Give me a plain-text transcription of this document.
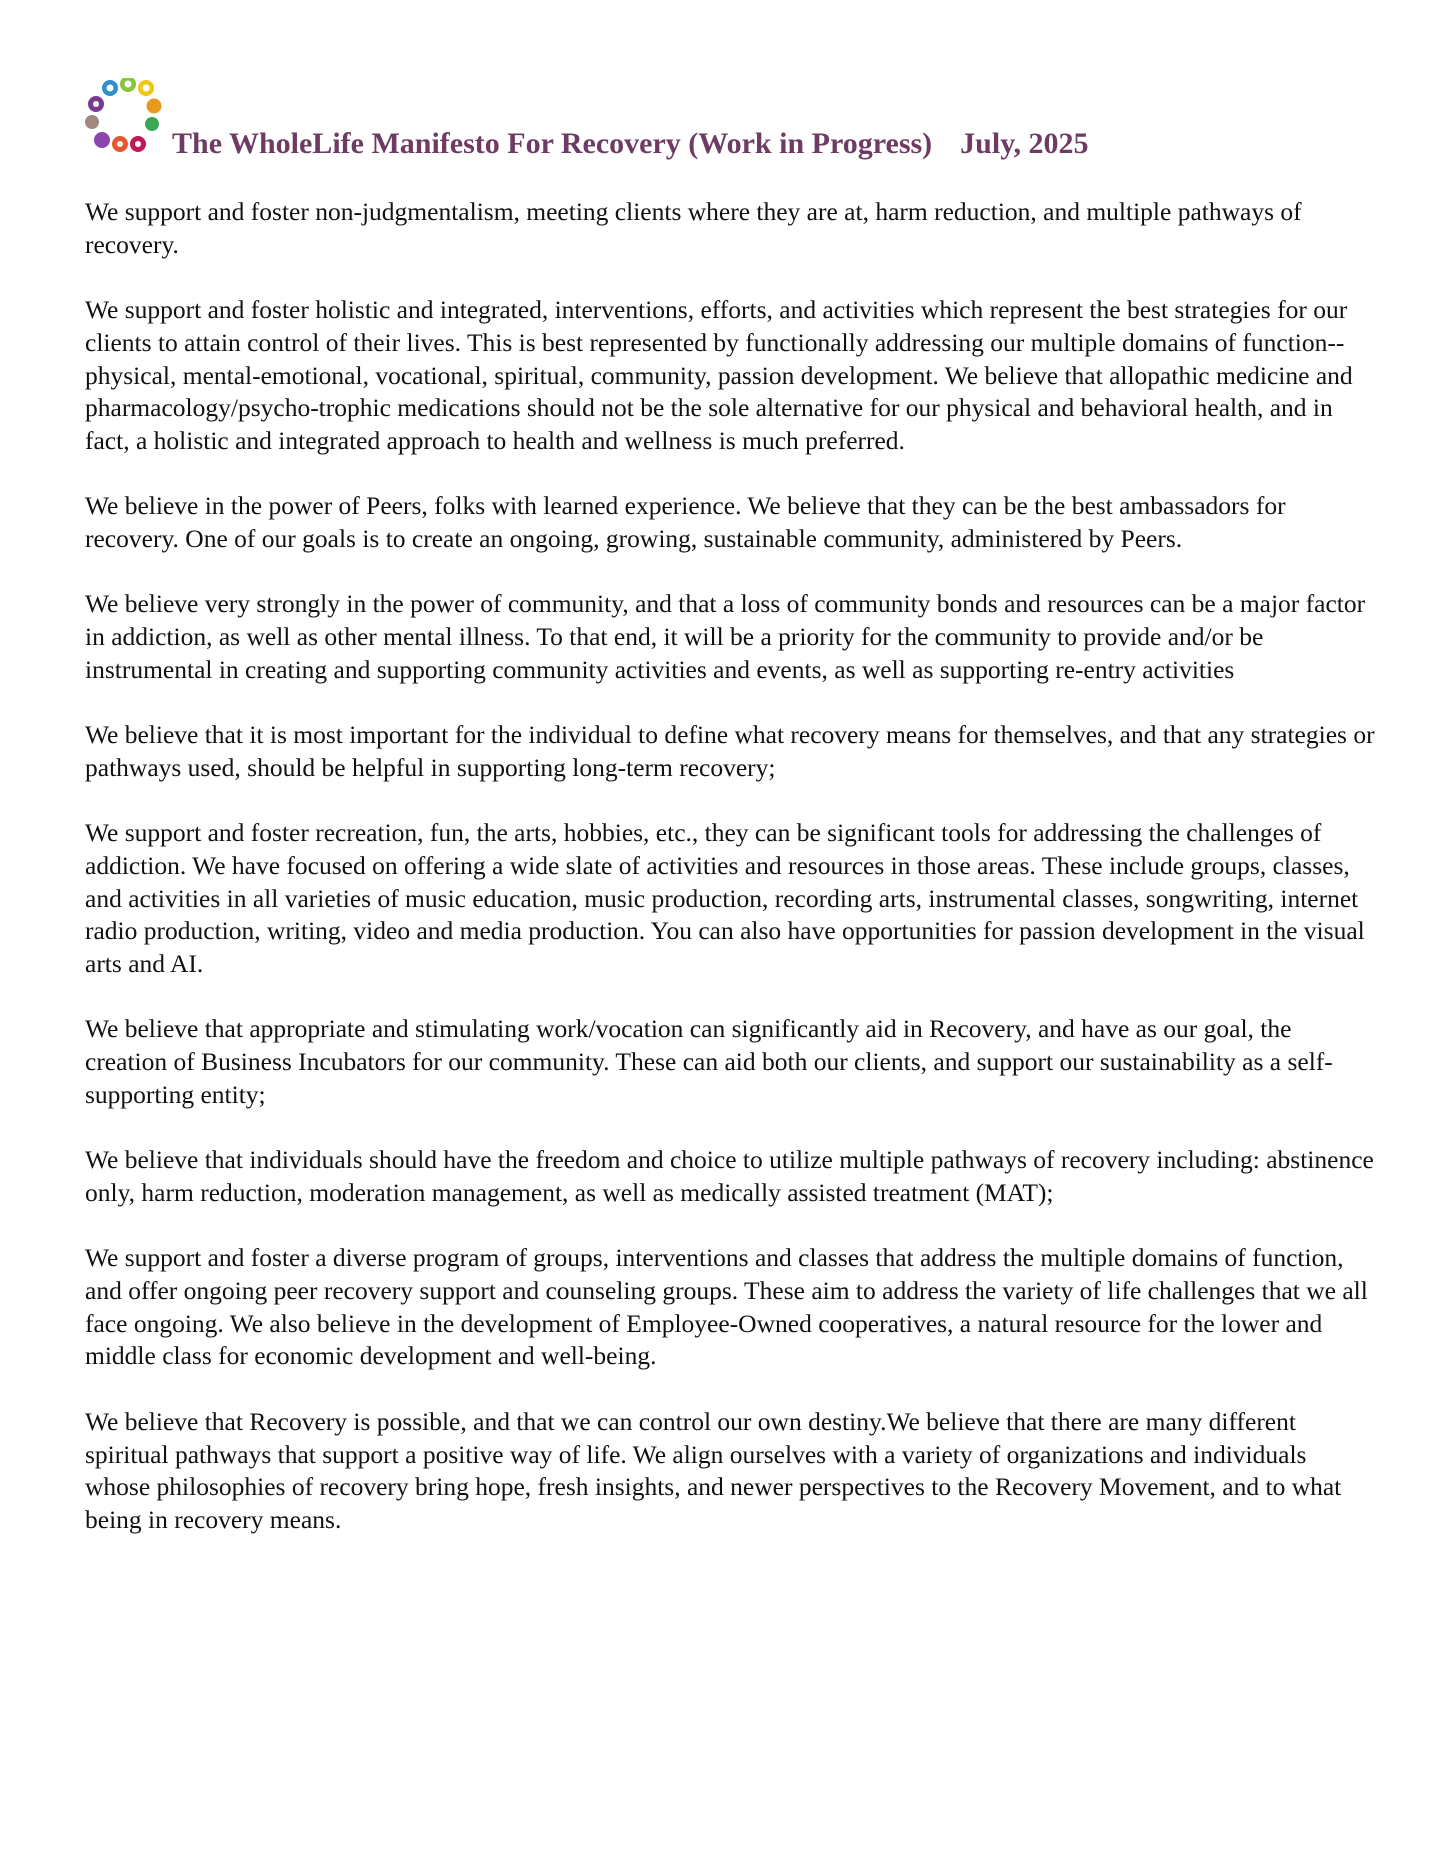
The WholeLife Manifesto For Recovery (Work in Progress) July, 2025

We support and foster non-judgmentalism, meeting clients where they are at, harm reduction, and multiple pathways of recovery.

We support and foster holistic and integrated, interventions, efforts, and activities which represent the best strategies for our clients to attain control of their lives. This is best represented by functionally addressing our multiple domains of function--physical, mental-emotional, vocational, spiritual, community, passion development. We believe that allopathic medicine and pharmacology/psycho-trophic medications should not be the sole alternative for our physical and behavioral health, and in fact, a holistic and integrated approach to health and wellness is much preferred.

We believe in the power of Peers, folks with learned experience. We believe that they can be the best ambassadors for recovery. One of our goals is to create an ongoing, growing, sustainable community, administered by Peers.

We believe very strongly in the power of community, and that a loss of community bonds and resources can be a major factor in addiction, as well as other mental illness. To that end, it will be a priority for the community to provide and/or be instrumental in creating and supporting community activities and events, as well as supporting re-entry activities

We believe that it is most important for the individual to define what recovery means for themselves, and that any strategies or pathways used, should be helpful in supporting long-term recovery;

We support and foster recreation, fun, the arts, hobbies, etc., they can be significant tools for addressing the challenges of addiction. We have focused on offering a wide slate of activities and resources in those areas. These include groups, classes, and activities in all varieties of music education, music production, recording arts, instrumental classes, songwriting, internet radio production, writing, video and media production. You can also have opportunities for passion development in the visual arts and AI.

We believe that appropriate and stimulating work/vocation can significantly aid in Recovery, and have as our goal, the creation of Business Incubators for our community. These can aid both our clients, and support our sustainability as a self-supporting entity;

We believe that individuals should have the freedom and choice to utilize multiple pathways of recovery including: abstinence only, harm reduction, moderation management, as well as medically assisted treatment (MAT);

We support and foster a diverse program of groups, interventions and classes that address the multiple domains of function, and offer ongoing peer recovery support and counseling groups. These aim to address the variety of life challenges that we all face ongoing. We also believe in the development of Employee-Owned cooperatives, a natural resource for the lower and middle class for economic development and well-being.

We believe that Recovery is possible, and that we can control our own destiny.We believe that there are many different spiritual pathways that support a positive way of life. We align ourselves with a variety of organizations and individuals whose philosophies of recovery bring hope, fresh insights, and newer perspectives to the Recovery Movement, and to what being in recovery means.
